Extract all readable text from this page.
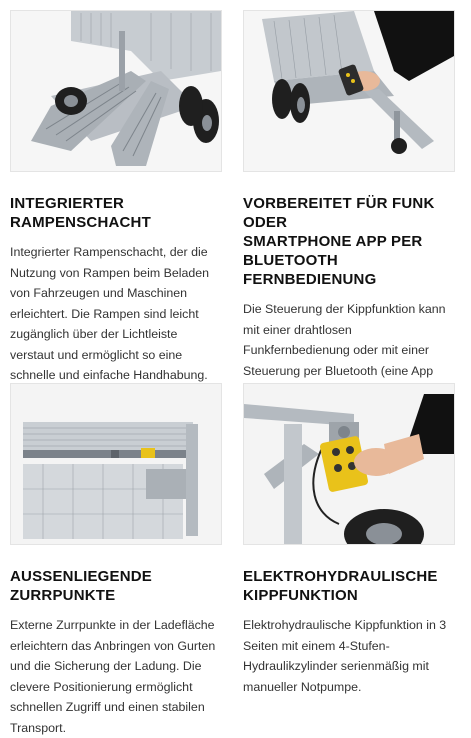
INTEGRIERTER
RAMPENSCHACHT

Integrierter Rampenschacht, der die
Nutzung von Rampen beim Beladen
von Fahrzeugen und Maschinen
erleichtert. Die Rampen sind leicht
zugänglich über der Lichtleiste
verstaut und ermöglicht so eine
schnelle und einfache Handhabung.

VORBEREITET FÜR FUNK ODER
SMARTPHONE APP PER
BLUETOOTH FERNBEDIENUNG

Die Steuerung der Kippfunktion kann
mit einer drahtlosen
Funkfernbedienung oder mit einer
Steuerung per Bluetooth (eine App

AUSSENLIEGENDE ZURRPUNKTE

Externe Zurrpunkte in der Ladefläche
erleichtern das Anbringen von Gurten
und die Sicherung der Ladung. Die
clevere Positionierung ermöglicht
schnellen Zugriff und einen stabilen
Transport.

ELEKTROHYDRAULISCHE
KIPPFUNKTION

Elektrohydraulische Kippfunktion in 3
Seiten mit einem 4-Stufen-
Hydraulikzylinder serienmäßig mit
manueller Notpumpe.
